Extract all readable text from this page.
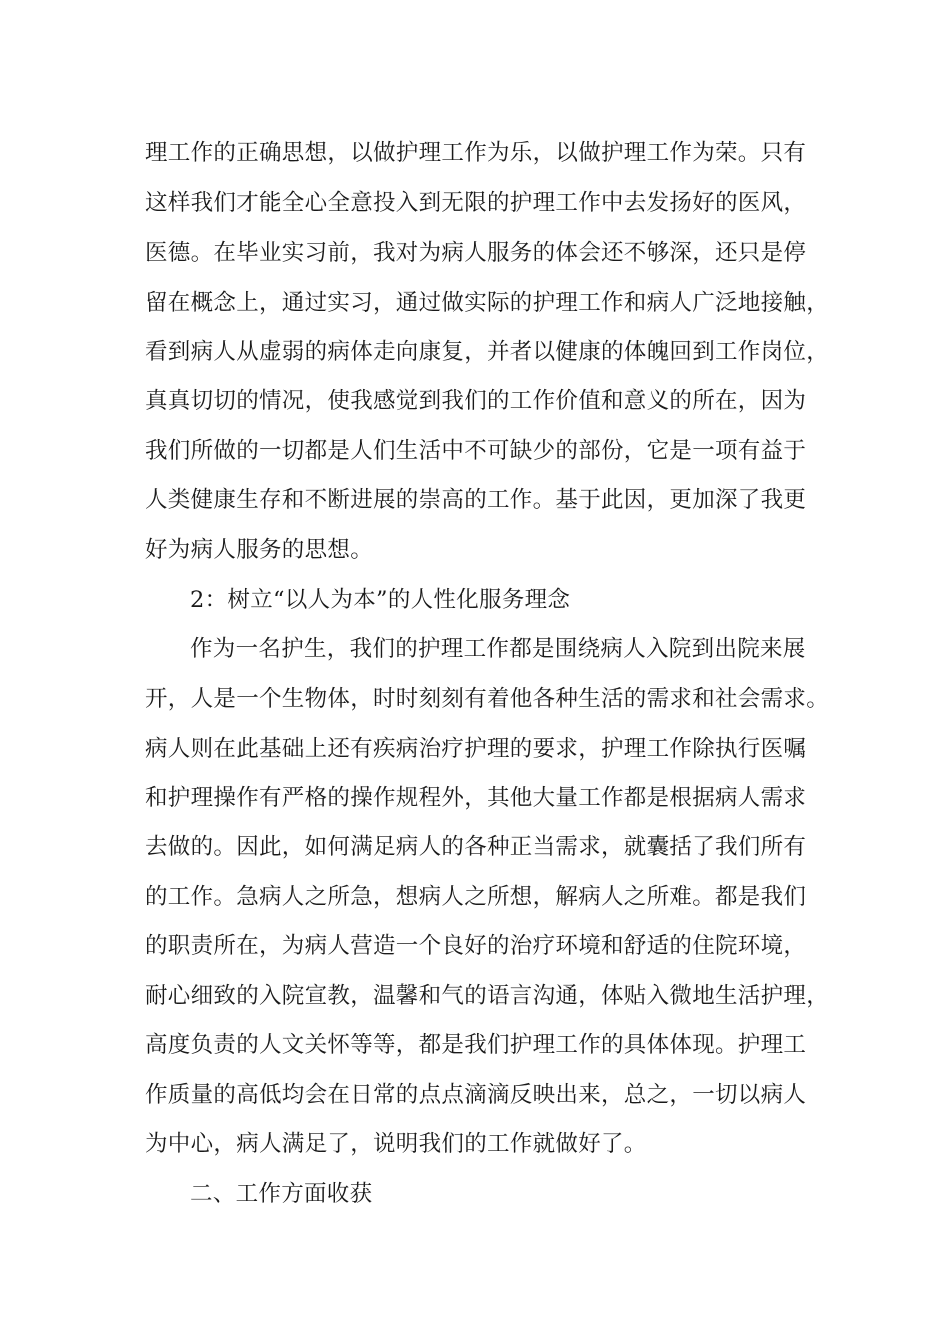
理工作的正确思想，以做护理工作为乐，以做护理工作为荣。只有
这样我们才能全心全意投入到无限的护理工作中去发扬好的医风，
医德。在毕业实习前，我对为病人服务的体会还不够深，还只是停
留在概念上，通过实习，通过做实际的护理工作和病人广泛地接触，
看到病人从虚弱的病体走向康复，并者以健康的体魄回到工作岗位，
真真切切的情况，使我感觉到我们的工作价值和意义的所在，因为
我们所做的一切都是人们生活中不可缺少的部份，它是一项有益于
人类健康生存和不断进展的崇高的工作。基于此因，更加深了我更
好为病人服务的思想。
2：树立“以人为本”的人性化服务理念
作为一名护生，我们的护理工作都是围绕病人入院到出院来展
开，人是一个生物体，时时刻刻有着他各种生活的需求和社会需求。
病人则在此基础上还有疾病治疗护理的要求，护理工作除执行医嘱
和护理操作有严格的操作规程外，其他大量工作都是根据病人需求
去做的。因此，如何满足病人的各种正当需求，就囊括了我们所有
的工作。急病人之所急，想病人之所想，解病人之所难。都是我们
的职责所在，为病人营造一个良好的治疗环境和舒适的住院环境，
耐心细致的入院宣教，温馨和气的语言沟通，体贴入微地生活护理，
高度负责的人文关怀等等，都是我们护理工作的具体体现。护理工
作质量的高低均会在日常的点点滴滴反映出来，总之，一切以病人
为中心，病人满足了，说明我们的工作就做好了。
二、工作方面收获
